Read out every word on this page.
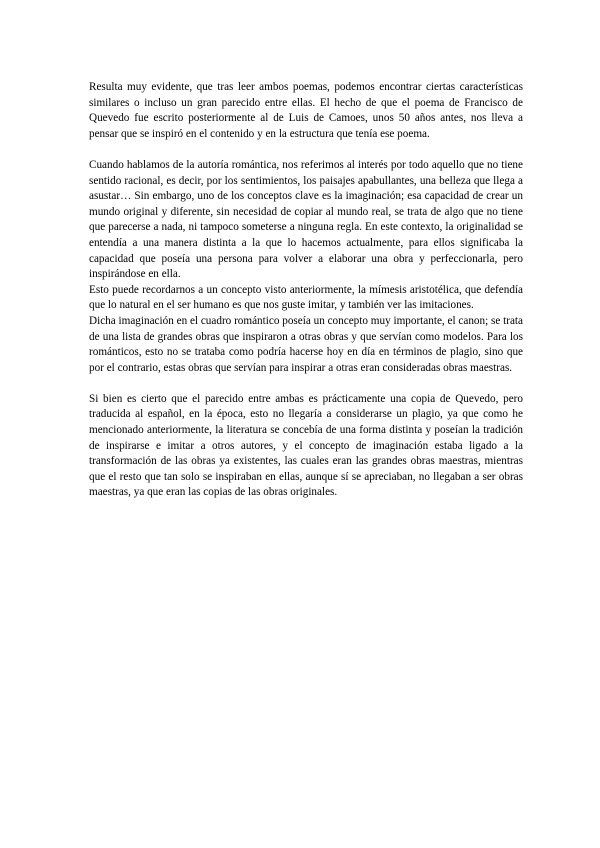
Resulta muy evidente, que tras leer ambos poemas, podemos encontrar ciertas características similares o incluso un gran parecido entre ellas. El hecho de que el poema de Francisco de Quevedo fue escrito posteriormente al de Luis de Camoes, unos 50 años antes, nos lleva a pensar que se inspiró en el contenido y en la estructura que tenía ese poema.

Cuando hablamos de la autoría romántica, nos referimos al interés por todo aquello que no tiene sentido racional, es decir, por los sentimientos, los paisajes apabullantes, una belleza que llega a asustar… Sin embargo, uno de los conceptos clave es la imaginación; esa capacidad de crear un mundo original y diferente, sin necesidad de copiar al mundo real, se trata de algo que no tiene que parecerse a nada, ni tampoco someterse a ninguna regla. En este contexto, la originalidad se entendía a una manera distinta a la que lo hacemos actualmente, para ellos significaba la capacidad que poseía una persona para volver a elaborar una obra y perfeccionarla, pero inspirándose en ella.

Esto puede recordarnos a un concepto visto anteriormente, la mímesis aristotélica, que defendía que lo natural en el ser humano es que nos guste imitar, y también ver las imitaciones.

Dicha imaginación en el cuadro romántico poseía un concepto muy importante, el canon; se trata de una lista de grandes obras que inspiraron a otras obras y que servían como modelos. Para los románticos, esto no se trataba como podría hacerse hoy en día en términos de plagio, sino que por el contrario, estas obras que servían para inspirar a otras eran consideradas obras maestras.

Si bien es cierto que el parecido entre ambas es prácticamente una copia de Quevedo, pero traducida al español, en la época, esto no llegaría a considerarse un plagio, ya que como he mencionado anteriormente, la literatura se concebía de una forma distinta y poseían la tradición de inspirarse e imitar a otros autores, y el concepto de imaginación estaba ligado a la transformación de las obras ya existentes, las cuales eran las grandes obras maestras, mientras que el resto que tan solo se inspiraban en ellas, aunque sí se apreciaban, no llegaban a ser obras maestras, ya que eran las copias de las obras originales.
